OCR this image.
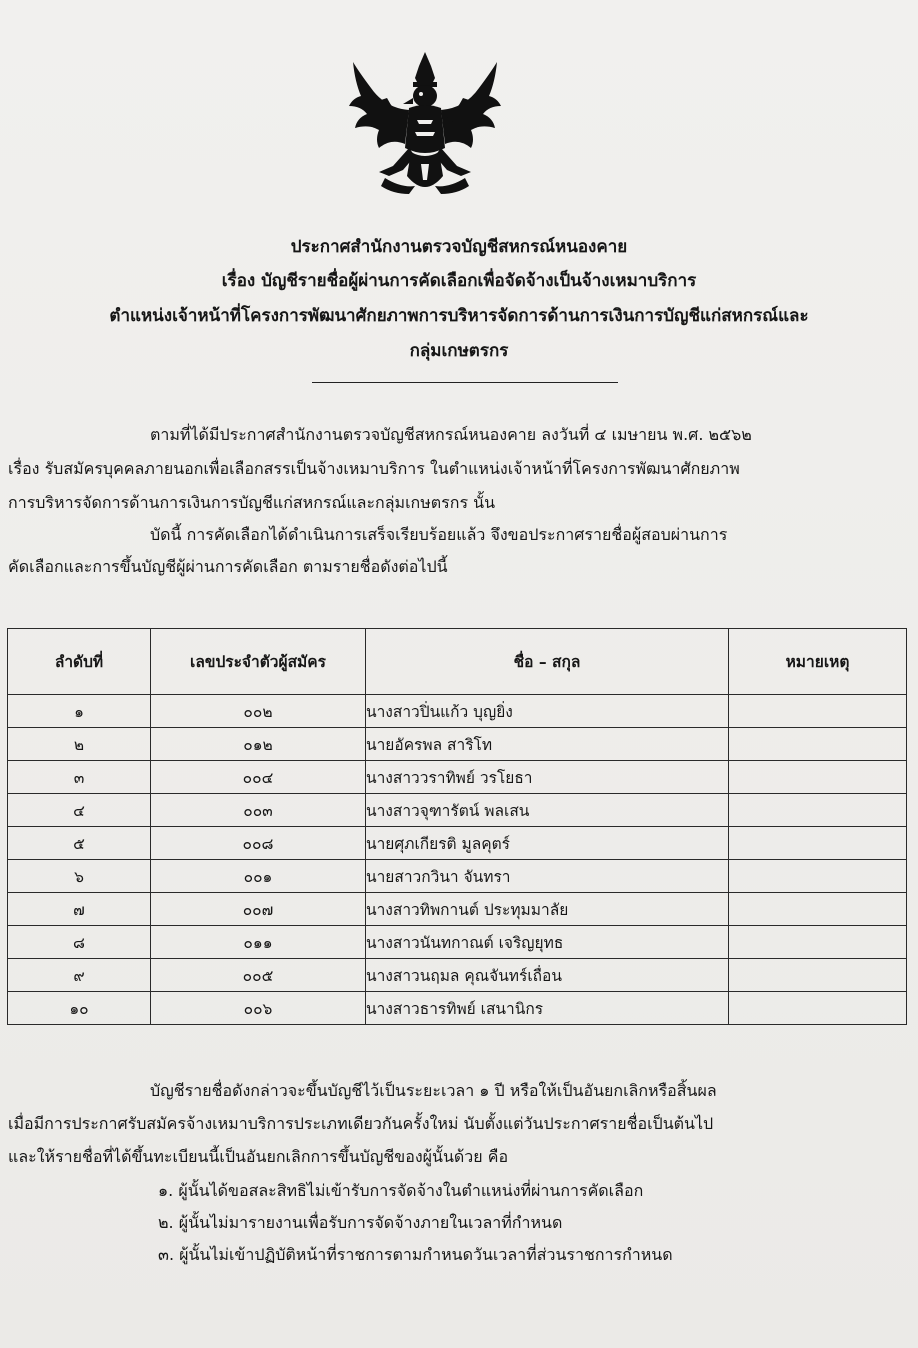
ประกาศสำนักงานตรวจบัญชีสหกรณ์หนองคาย
เรื่อง บัญชีรายชื่อผู้ผ่านการคัดเลือกเพื่อจัดจ้างเป็นจ้างเหมาบริการ
ตำแหน่งเจ้าหน้าที่โครงการพัฒนาศักยภาพการบริหารจัดการด้านการเงินการบัญชีแก่สหกรณ์และ
กลุ่มเกษตรกร
ตามที่ได้มีประกาศสำนักงานตรวจบัญชีสหกรณ์หนองคาย ลงวันที่ ๔ เมษายน พ.ศ. ๒๕๖๒
เรื่อง รับสมัครบุคคลภายนอกเพื่อเลือกสรรเป็นจ้างเหมาบริการ ในตำแหน่งเจ้าหน้าที่โครงการพัฒนาศักยภาพ
การบริหารจัดการด้านการเงินการบัญชีแก่สหกรณ์และกลุ่มเกษตรกร นั้น
บัดนี้ การคัดเลือกได้ดำเนินการเสร็จเรียบร้อยแล้ว จึงขอประกาศรายชื่อผู้สอบผ่านการ
คัดเลือกและการขึ้นบัญชีผู้ผ่านการคัดเลือก ตามรายชื่อดังต่อไปนี้
ลำดับที่	เลขประจำตัวผู้สมัคร	ชื่อ – สกุล	หมายเหตุ
๑	๐๐๒	นางสาวปิ่นแก้ว บุญยิ่ง	
๒	๐๑๒	นายอัครพล สาริโท	
๓	๐๐๔	นางสาววราทิพย์ วรโยธา	
๔	๐๐๓	นางสาวจุฑารัตน์ พลเสน	
๕	๐๐๘	นายศุภเกียรติ มูลคุตร์	
๖	๐๐๑	นายสาวกวินา จันทรา	
๗	๐๐๗	นางสาวทิพกานต์ ประทุมมาลัย	
๘	๐๑๑	นางสาวนันทกาณต์ เจริญยุทธ	
๙	๐๐๕	นางสาวนฤมล คุณจันทร์เถื่อน	
๑๐	๐๐๖	นางสาวธารทิพย์ เสนานิกร	
บัญชีรายชื่อดังกล่าวจะขึ้นบัญชีไว้เป็นระยะเวลา ๑ ปี หรือให้เป็นอันยกเลิกหรือสิ้นผล
เมื่อมีการประกาศรับสมัครจ้างเหมาบริการประเภทเดียวกันครั้งใหม่ นับตั้งแต่วันประกาศรายชื่อเป็นต้นไป
และให้รายชื่อที่ได้ขึ้นทะเบียนนี้เป็นอันยกเลิกการขึ้นบัญชีของผู้นั้นด้วย คือ
๑. ผู้นั้นได้ขอสละสิทธิไม่เข้ารับการจัดจ้างในตำแหน่งที่ผ่านการคัดเลือก
๒. ผู้นั้นไม่มารายงานเพื่อรับการจัดจ้างภายในเวลาที่กำหนด
๓. ผู้นั้นไม่เข้าปฏิบัติหน้าที่ราชการตามกำหนดวันเวลาที่ส่วนราชการกำหนด
